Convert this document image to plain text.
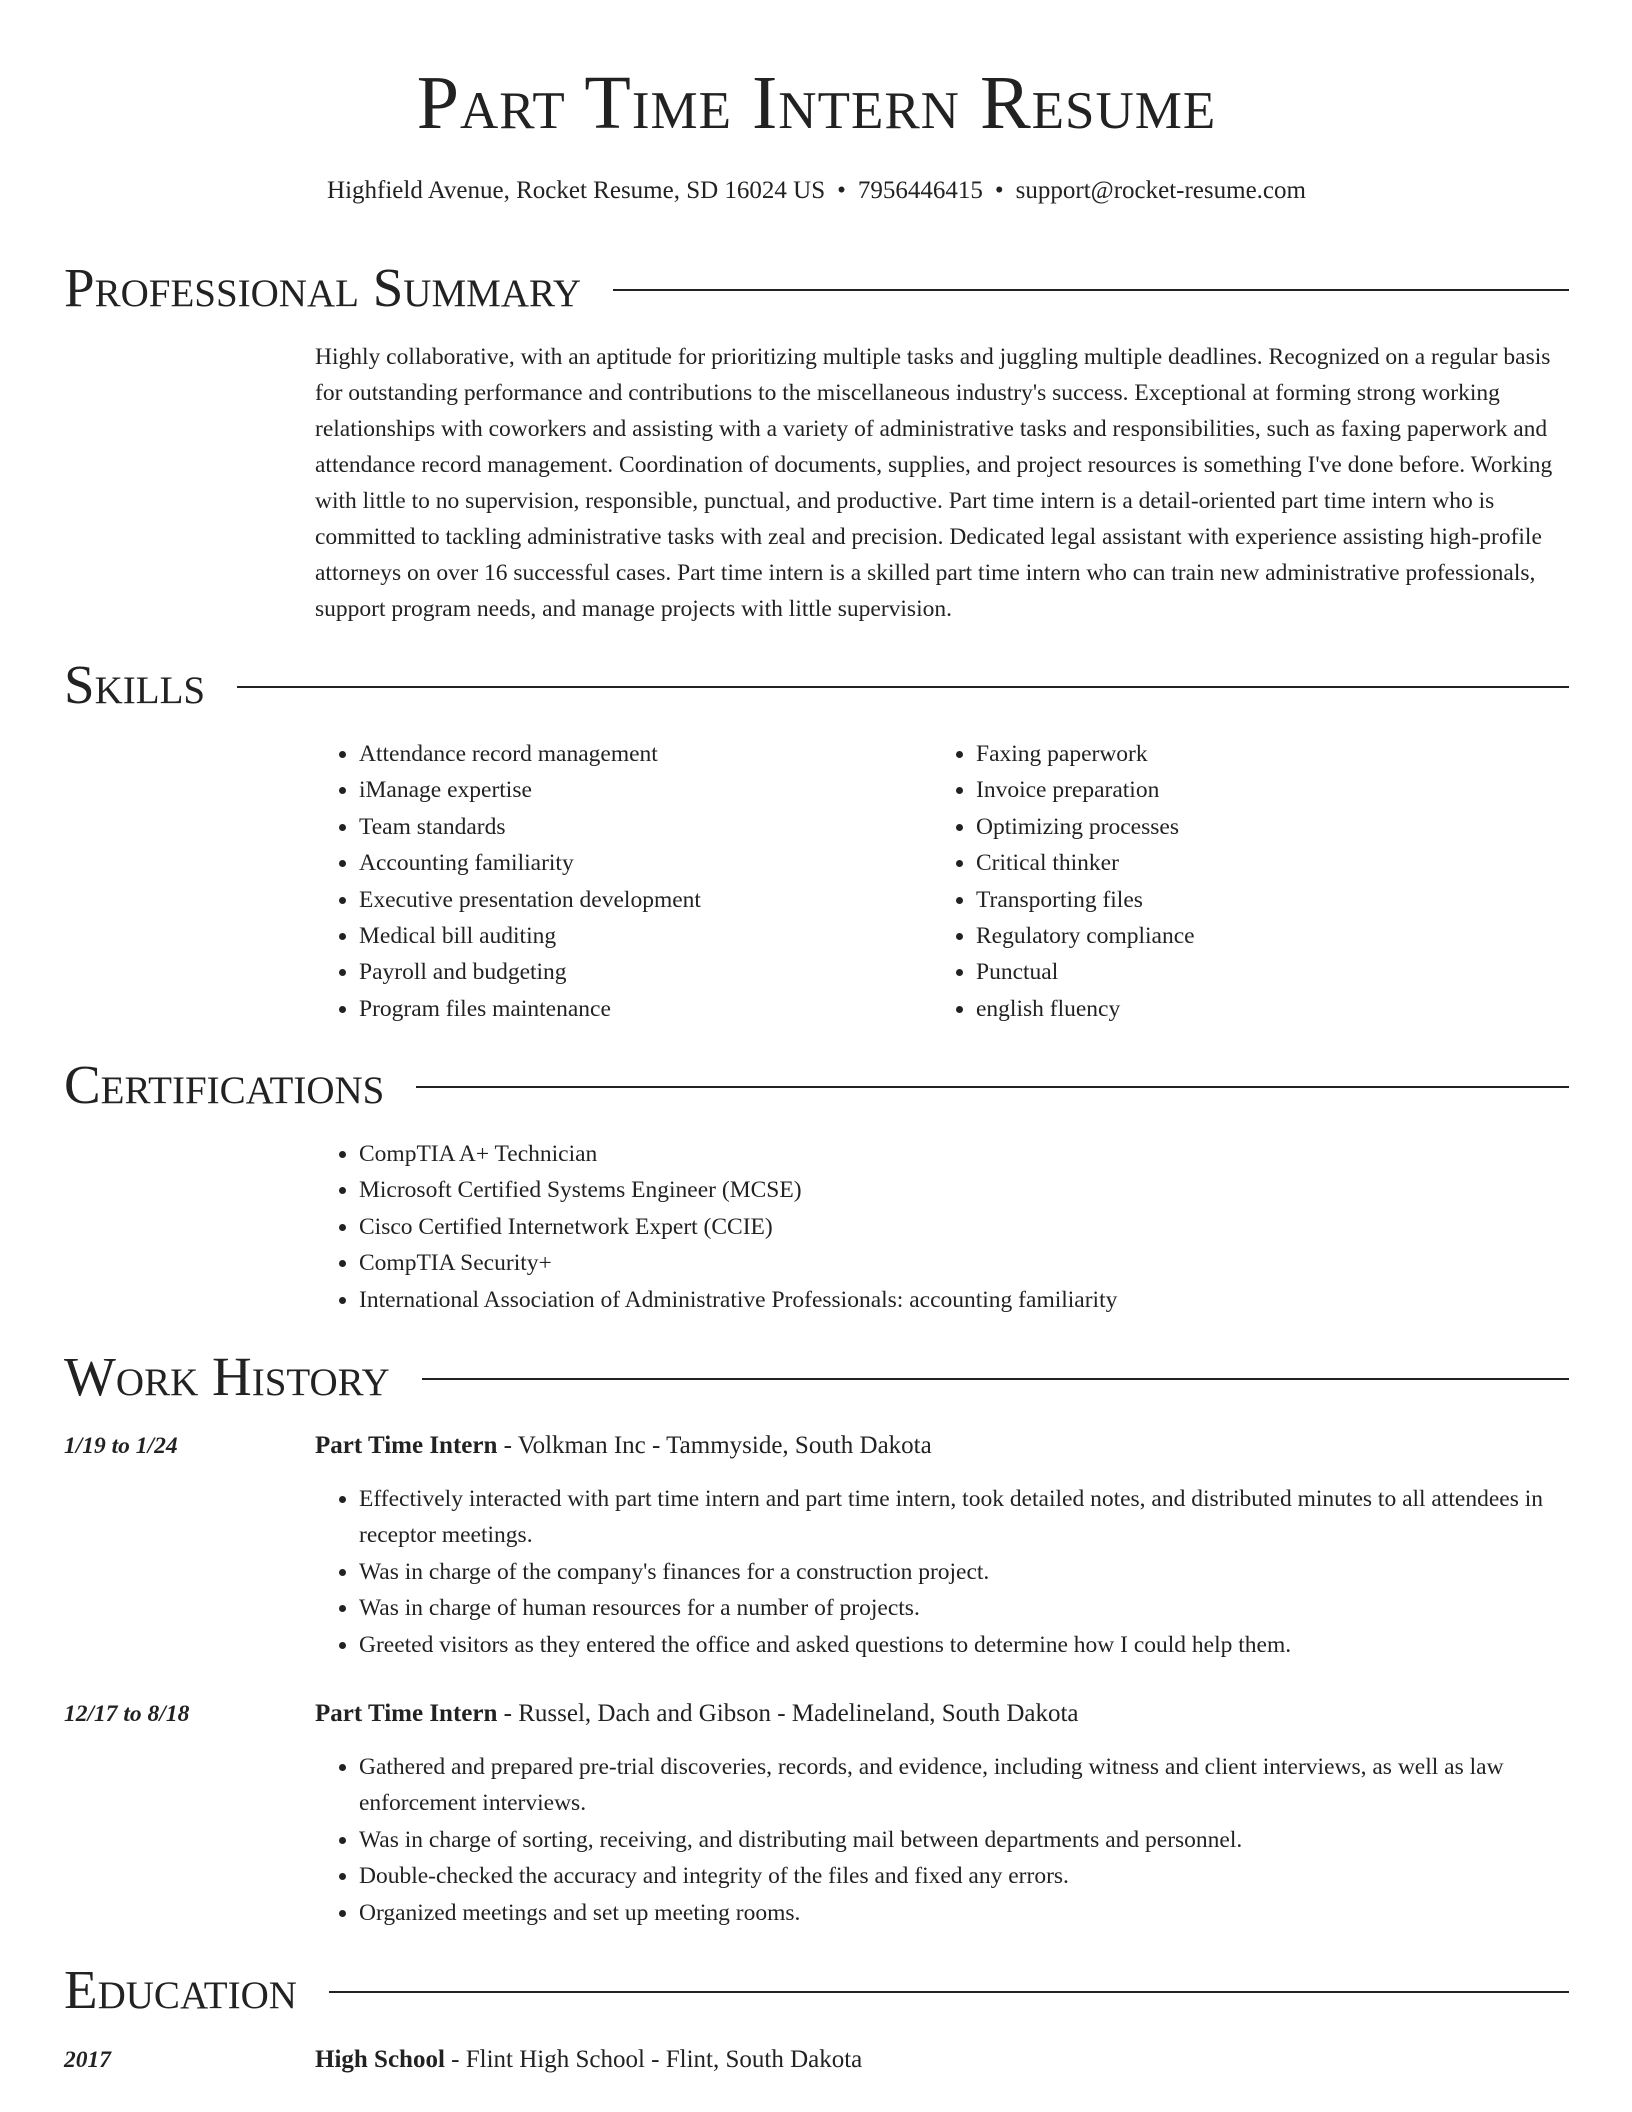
Part Time Intern Resume
Highfield Avenue, Rocket Resume, SD 16024 US • 7956446415 • support@rocket-resume.com
Professional Summary

Highly collaborative, with an aptitude for prioritizing multiple tasks and juggling multiple deadlines. Recognized on a regular basis for outstanding performance and contributions to the miscellaneous industry's success. Exceptional at forming strong working relationships with coworkers and assisting with a variety of administrative tasks and responsibilities, such as faxing paperwork and attendance record management. Coordination of documents, supplies, and project resources is something I've done before. Working with little to no supervision, responsible, punctual, and productive. Part time intern is a detail-oriented part time intern who is committed to tackling administrative tasks with zeal and precision. Dedicated legal assistant with experience assisting high-profile attorneys on over 16 successful cases. Part time intern is a skilled part time intern who can train new administrative professionals, support program needs, and manage projects with little supervision.

Skills
• Attendance record management
• iManage expertise
• Team standards
• Accounting familiarity
• Executive presentation development
• Medical bill auditing
• Payroll and budgeting
• Program files maintenance
• Faxing paperwork
• Invoice preparation
• Optimizing processes
• Critical thinker
• Transporting files
• Regulatory compliance
• Punctual
• english fluency
Certifications
• CompTIA A+ Technician
• Microsoft Certified Systems Engineer (MCSE)
• Cisco Certified Internetwork Expert (CCIE)
• CompTIA Security+
• International Association of Administrative Professionals: accounting familiarity
Work History
1/19 to 1/24	Part Time Intern - Volkman Inc - Tammyside, South Dakota
• Effectively interacted with part time intern and part time intern, took detailed notes, and distributed minutes to all attendees in receptor meetings.
• Was in charge of the company's finances for a construction project.
• Was in charge of human resources for a number of projects.
• Greeted visitors as they entered the office and asked questions to determine how I could help them.
12/17 to 8/18	Part Time Intern - Russel, Dach and Gibson - Madelineland, South Dakota
• Gathered and prepared pre-trial discoveries, records, and evidence, including witness and client interviews, as well as law enforcement interviews.
• Was in charge of sorting, receiving, and distributing mail between departments and personnel.
• Double-checked the accuracy and integrity of the files and fixed any errors.
• Organized meetings and set up meeting rooms.
Education
2017	High School - Flint High School - Flint, South Dakota
